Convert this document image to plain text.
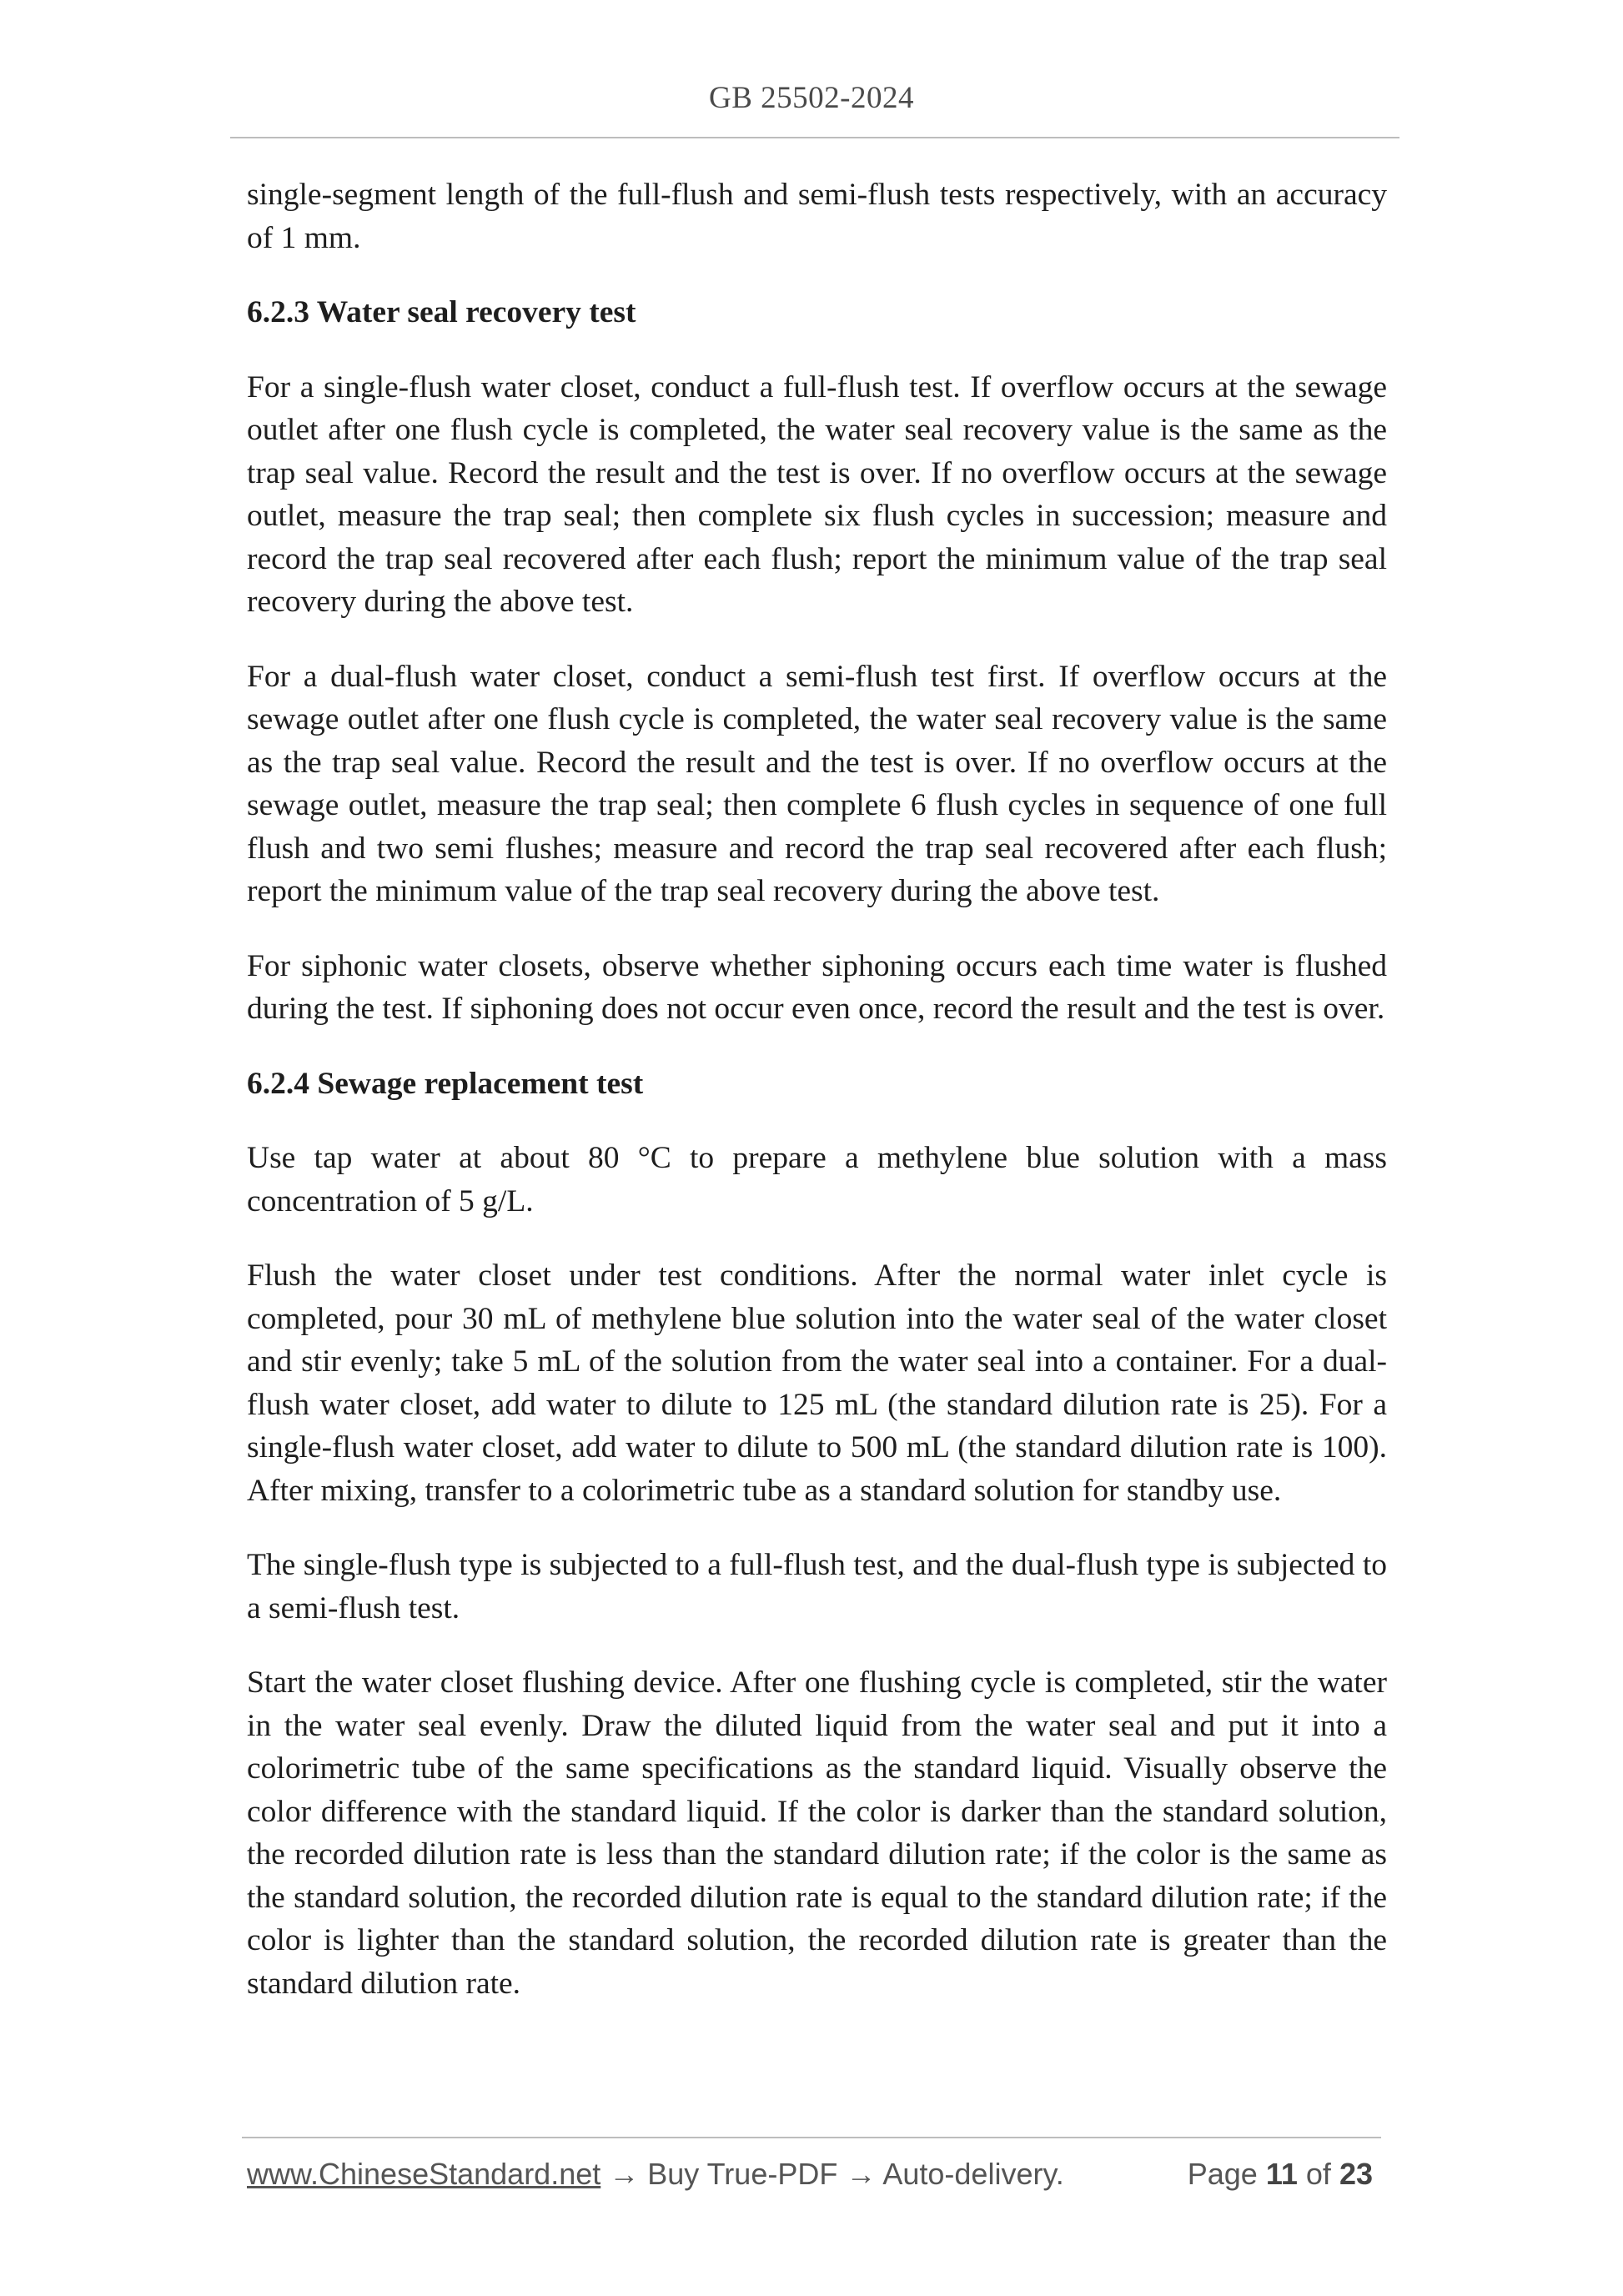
GB 25502-2024

single-segment length of the full-flush and semi-flush tests respectively, with an accuracy of 1 mm.

6.2.3 Water seal recovery test

For a single-flush water closet, conduct a full-flush test. If overflow occurs at the sewage outlet after one flush cycle is completed, the water seal recovery value is the same as the trap seal value. Record the result and the test is over. If no overflow occurs at the sewage outlet, measure the trap seal; then complete six flush cycles in succession; measure and record the trap seal recovered after each flush; report the minimum value of the trap seal recovery during the above test.

For a dual-flush water closet, conduct a semi-flush test first. If overflow occurs at the sewage outlet after one flush cycle is completed, the water seal recovery value is the same as the trap seal value. Record the result and the test is over. If no overflow occurs at the sewage outlet, measure the trap seal; then complete 6 flush cycles in sequence of one full flush and two semi flushes; measure and record the trap seal recovered after each flush; report the minimum value of the trap seal recovery during the above test.

For siphonic water closets, observe whether siphoning occurs each time water is flushed during the test. If siphoning does not occur even once, record the result and the test is over.

6.2.4 Sewage replacement test

Use tap water at about 80 °C to prepare a methylene blue solution with a mass concentration of 5 g/L.

Flush the water closet under test conditions. After the normal water inlet cycle is completed, pour 30 mL of methylene blue solution into the water seal of the water closet and stir evenly; take 5 mL of the solution from the water seal into a container. For a dual-flush water closet, add water to dilute to 125 mL (the standard dilution rate is 25). For a single-flush water closet, add water to dilute to 500 mL (the standard dilution rate is 100). After mixing, transfer to a colorimetric tube as a standard solution for standby use.

The single-flush type is subjected to a full-flush test, and the dual-flush type is subjected to a semi-flush test.

Start the water closet flushing device. After one flushing cycle is completed, stir the water in the water seal evenly. Draw the diluted liquid from the water seal and put it into a colorimetric tube of the same specifications as the standard liquid. Visually observe the color difference with the standard liquid. If the color is darker than the standard solution, the recorded dilution rate is less than the standard dilution rate; if the color is the same as the standard solution, the recorded dilution rate is equal to the standard dilution rate; if the color is lighter than the standard solution, the recorded dilution rate is greater than the standard dilution rate.

www.ChineseStandard.net → Buy True-PDF → Auto-delivery.	Page 11 of 23
